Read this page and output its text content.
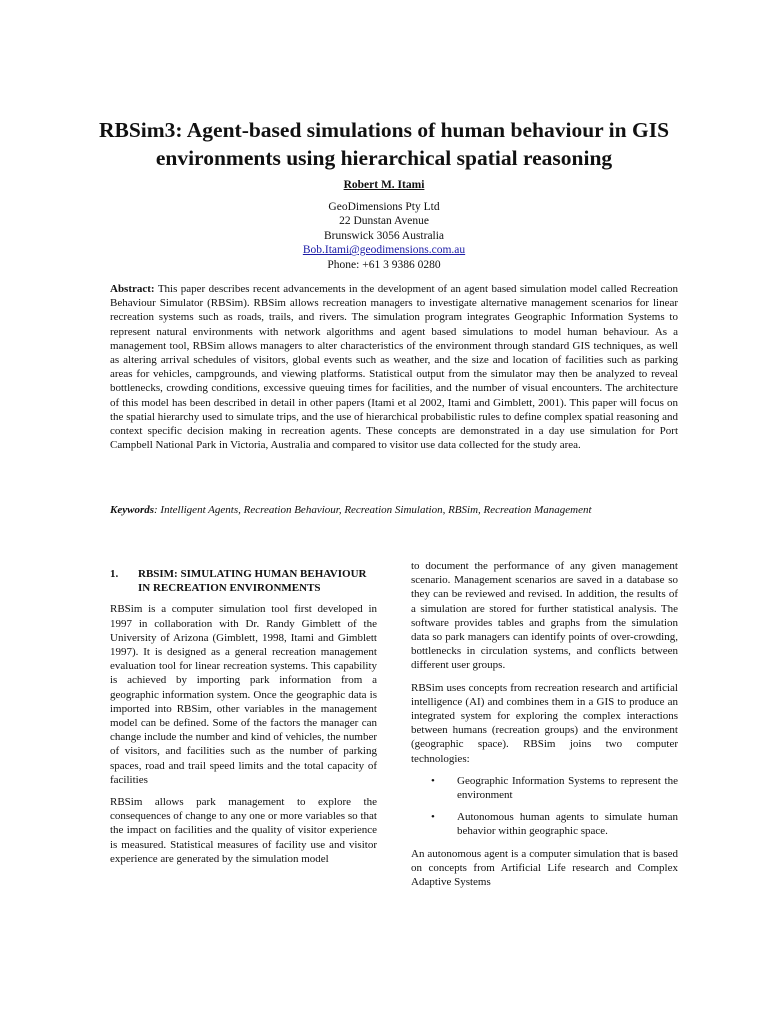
RBSim3: Agent-based simulations of human behaviour in GIS environments using hierarchical spatial reasoning
Robert M. Itami
GeoDimensions Pty Ltd
22 Dunstan Avenue
Brunswick 3056 Australia
Bob.Itami@geodimensions.com.au
Phone: +61 3 9386 0280

Abstract: This paper describes recent advancements in the development of an agent based simulation model called Recreation Behaviour Simulator (RBSim). RBSim allows recreation managers to investigate alternative management scenarios for linear recreation systems such as roads, trails, and rivers. The simulation program integrates Geographic Information Systems to represent natural environments with network algorithms and agent based simulations to model human behaviour. As a management tool, RBSim allows managers to alter characteristics of the environment through standard GIS techniques, as well as altering arrival schedules of visitors, global events such as weather, and the size and location of facilities such as parking areas for vehicles, campgrounds, and viewing platforms. Statistical output from the simulator may then be analyzed to reveal bottlenecks, crowding conditions, excessive queuing times for facilities, and the number of visual encounters. The architecture of this model has been described in detail in other papers (Itami et al 2002, Itami and Gimblett, 2001). This paper will focus on the spatial hierarchy used to simulate trips, and the use of hierarchical probabilistic rules to define complex spatial reasoning and context specific decision making in recreation agents. These concepts are demonstrated in a day use simulation for Port Campbell National Park in Victoria, Australia and compared to visitor use data collected for the study area.

Keywords: Intelligent Agents, Recreation Behaviour, Recreation Simulation, RBSim, Recreation Management

1.	RBSIM: SIMULATING HUMAN BEHAVIOUR IN RECREATION ENVIRONMENTS

RBSim is a computer simulation tool first developed in 1997 in collaboration with Dr. Randy Gimblett of the University of Arizona (Gimblett, 1998, Itami and Gimblett 1997). It is designed as a general recreation management evaluation tool for linear recreation systems. This capability is achieved by importing park information from a geographic information system. Once the geographic data is imported into RBSim, other variables in the management model can be defined. Some of the factors the manager can change include the number and kind of vehicles, the number of visitors, and facilities such as the number of parking spaces, road and trail speed limits and the total capacity of facilities

RBSim allows park management to explore the consequences of change to any one or more variables so that the impact on facilities and the quality of visitor experience is measured. Statistical measures of facility use and visitor experience are generated by the simulation model

to document the performance of any given management scenario. Management scenarios are saved in a database so they can be reviewed and revised. In addition, the results of a simulation are stored for further statistical analysis. The software provides tables and graphs from the simulation data so park managers can identify points of over-crowding, bottlenecks in circulation systems, and conflicts between different user groups.

RBSim uses concepts from recreation research and artificial intelligence (AI) and combines them in a GIS to produce an integrated system for exploring the complex interactions between humans (recreation groups) and the environment (geographic space). RBSim joins two computer technologies:

•	Geographic Information Systems to represent the environment
•	Autonomous human agents to simulate human behavior within geographic space.

An autonomous agent is a computer simulation that is based on concepts from Artificial Life research and Complex Adaptive Systems
